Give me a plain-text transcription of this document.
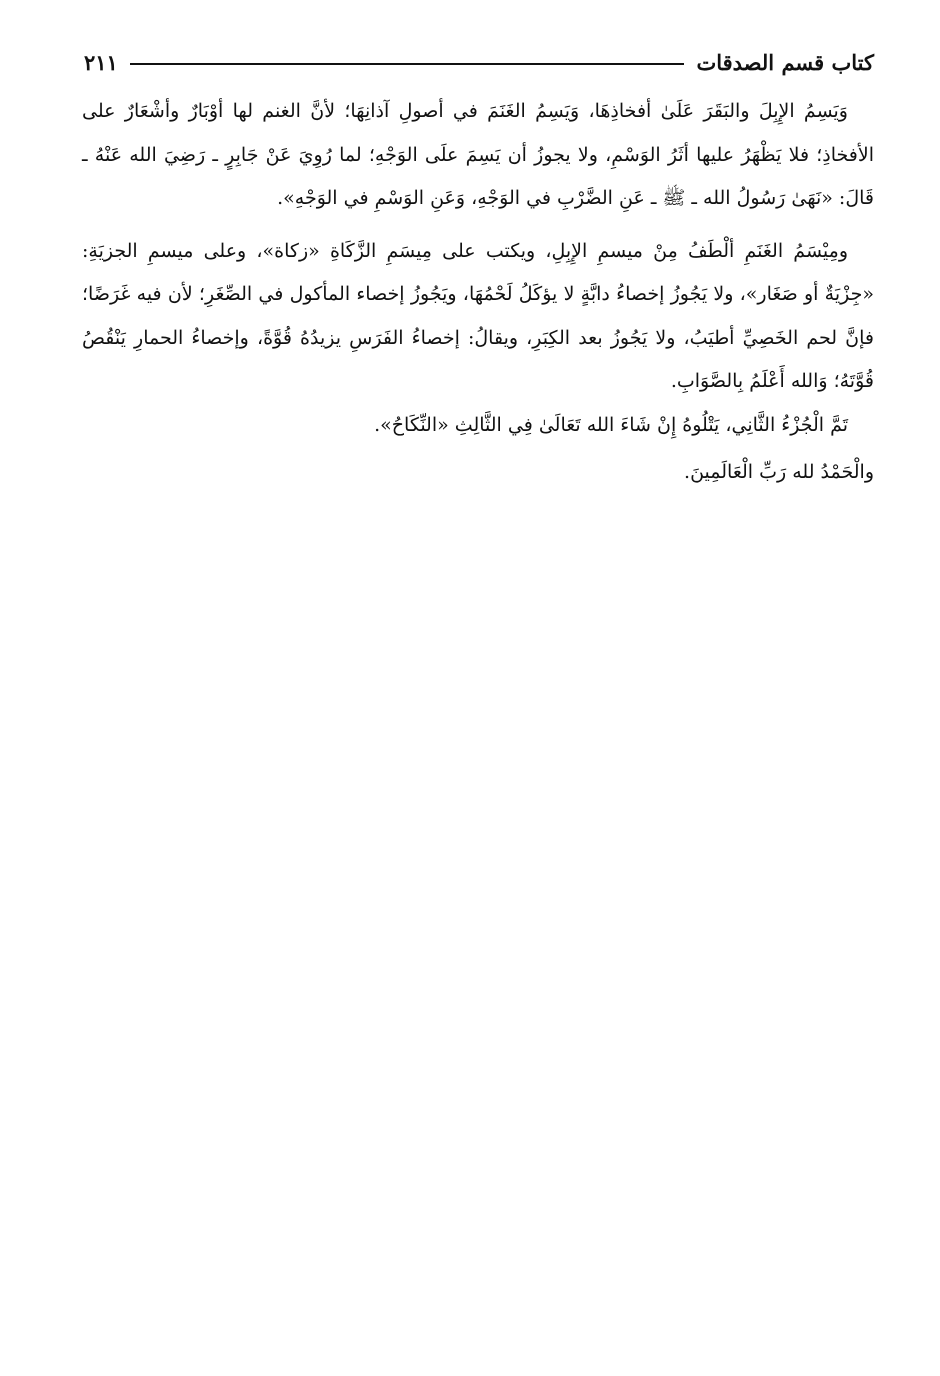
كتاب قسم الصدقات
٢١١

وَيَسِمُ الإِبِلَ والبَقَرَ عَلَىٰ أفخاذِهَا، وَيَسِمُ الغَنَمَ في أصولِ آذانِهَا؛ لأنَّ الغنم لها أوْبَارٌ وأشْعَارٌ على الأفخاذِ؛ فلا يَظْهَرُ عليها أثَرُ الوَسْمِ، ولا يجوزُ أن يَسِمَ علَى الوَجْهِ؛ لما رُوِيَ عَنْ جَابِرٍ ـ رَضِيَ الله عَنْهُ ـ قَالَ: «نَهَىٰ رَسُولُ الله ـ ﷺ ـ عَنِ الضَّرْبِ في الوَجْهِ، وَعَنِ الوَسْمِ في الوَجْهِ».

ومِيْسَمُ الغَنَمِ ألْطَفُ مِنْ ميسمِ الإِبِلِ، ويكتب على مِيسَمِ الزَّكَاةِ «زكاة»، وعلى ميسمِ الجزيَةِ: «جِزْيَةٌ أو صَغَار»، ولا يَجُوزُ إخصاءُ دابَّةٍ لا يؤكَلُ لَحْمُهَا، ويَجُوزُ إخصاء المأكول في الصِّغَرِ؛ لأن فيه غَرَضًا؛ فإنَّ لحم الخَصِيِّ أطيَبُ، ولا يَجُوزُ بعد الكِبَرِ، ويقالُ: إخصاءُ الفَرَسِ يزيدُهُ قُوَّةً، وإخصاءُ الحمارِ يَنْقُصُ قُوَّتَهُ؛ وَالله أَعْلَمُ بِالصَّوَابِ.

تَمَّ الْجُزْءُ الثَّانِي، يَتْلُوهُ إِنْ شَاءَ الله تَعَالَىٰ فِي الثَّالِثِ «النِّكَاحُ».

والْحَمْدُ لله رَبِّ الْعَالَمِينَ.
